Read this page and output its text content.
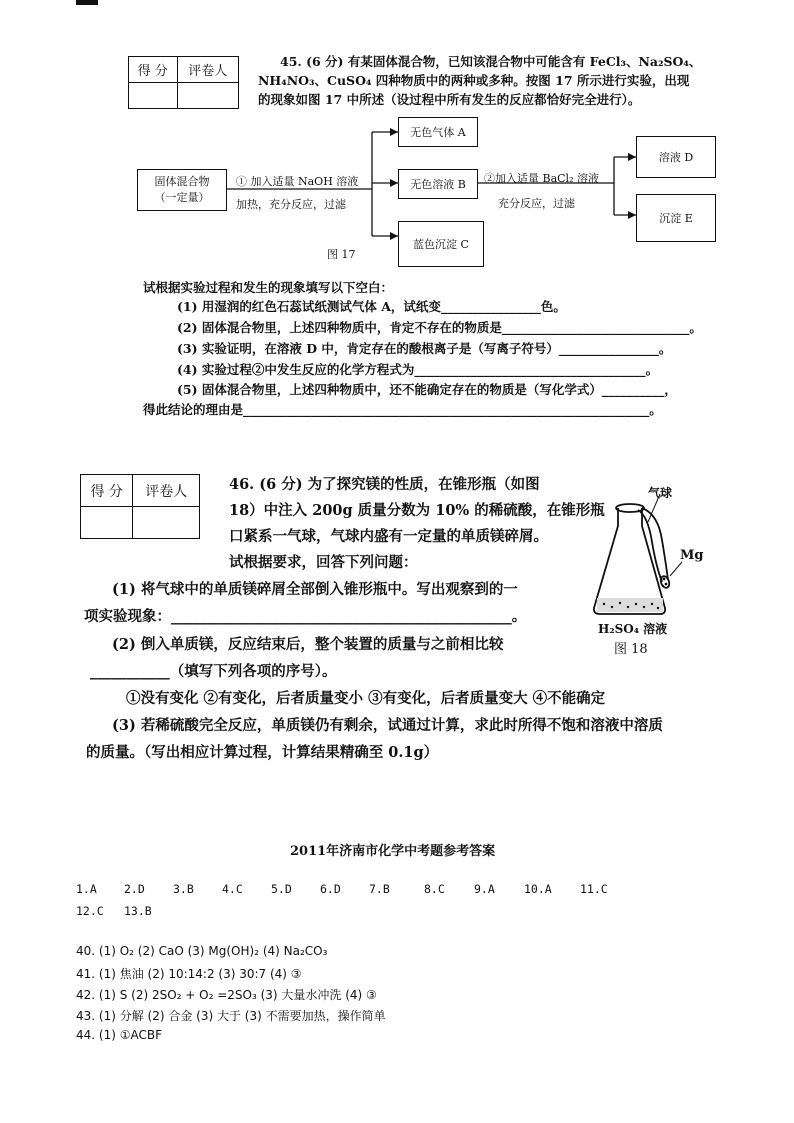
得 分	评卷人

45. (6 分) 有某固体混合物，已知该混合物中可能含有 FeCl₃、Na₂SO₄、
NH₄NO₃、CuSO₄ 四种物质中的两种或多种。按图 17 所示进行实验，出现
的现象如图 17 中所述（设过程中所有发生的反应都恰好完全进行）。
固体混合物
（一定量）
① 加入适量 NaOH 溶液
加热，充分反应，过滤
无色气体 A
无色溶液 B
蓝色沉淀 C
图 17
②加入适量 BaCl₂ 溶液
充分反应，过滤
溶液 D
沉淀 E
试根据实验过程和发生的现象填写以下空白：
(1) 用湿润的红色石蕊试纸测试气体 A，试纸变________________色。
(2) 固体混合物里，上述四种物质中，肯定不存在的物质是______________________________。
(3) 实验证明，在溶液 D 中，肯定存在的酸根离子是（写离子符号）________________。
(4) 实验过程②中发生反应的化学方程式为_____________________________________。
(5) 固体混合物里，上述四种物质中，还不能确定存在的物质是（写化学式）__________，
得此结论的理由是_________________________________________________________________。
得 分	评卷人
		46. (6 分) 为了探究镁的性质，在锥形瓶（如图
18）中注入 200g 质量分数为 10% 的稀硫酸，在锥形瓶
口紧系一气球，气球内盛有一定量的单质镁碎屑。
试根据要求，回答下列问题：
(1) 将气球中的单质镁碎屑全部倒入锥形瓶中。写出观察到的一
项实验现象：_______________________________________________。
(2) 倒入单质镁，反应结束后，整个装置的质量与之前相比较
___________（填写下列各项的序号）。
①没有变化 ②有变化，后者质量变小 ③有变化，后者质量变大 ④不能确定
(3) 若稀硫酸完全反应，单质镁仍有剩余，试通过计算，求此时所得不饱和溶液中溶质
的质量。（写出相应计算过程，计算结果精确至 0.1g）
气球
Mg
H₂SO₄ 溶液
图 18
2011年济南市化学中考题参考答案
1.A 2.D 3.B 4.C 5.D 6.D 7.B	8.C	9.A	10.A 11.C
12.C 13.B
40. (1) O₂ (2) CaO (3) Mg(OH)₂ (4) Na₂CO₃
41. (1) 焦油 (2) 10:14:2 (3) 30:7 (4) ③
42. (1) S (2) 2SO₂ + O₂ =2SO₃ (3) 大量水冲洗 (4) ③
43. (1) 分解 (2) 合金 (3) 大于 (3) 不需要加热，操作简单
44. (1) ①ACBF
